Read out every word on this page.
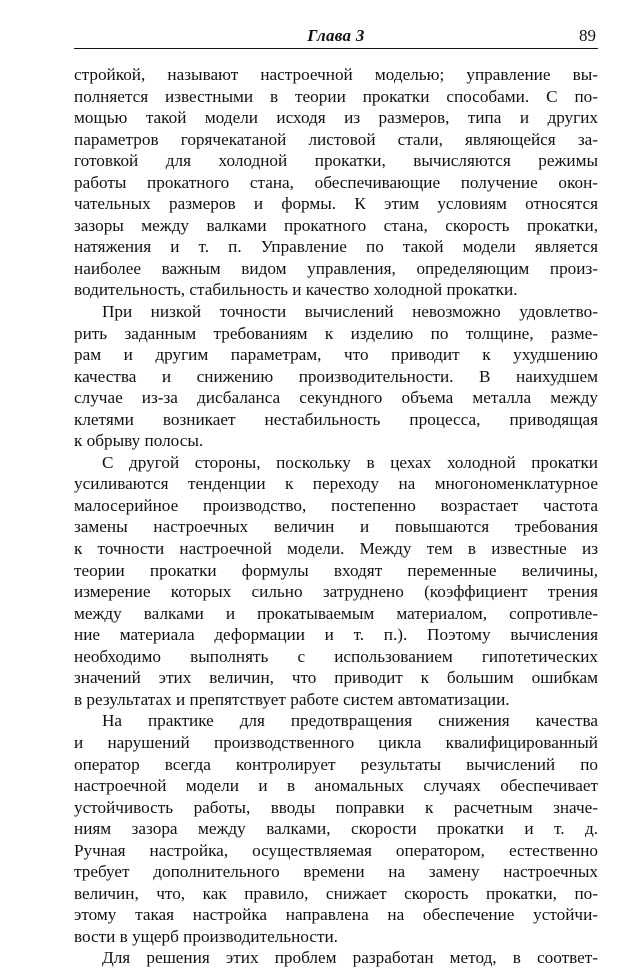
Глава 3	89
стройкой, называют настроечной моделью; управление вы-
полняется известными в теории прокатки способами. С по-
мощью такой модели исходя из размеров, типа и других
параметров горячекатаной листовой стали, являющейся за-
готовкой для холодной прокатки, вычисляются режимы
работы прокатного стана, обеспечивающие получение окон-
чательных размеров и формы. К этим условиям относятся
зазоры между валками прокатного стана, скорость прокатки,
натяжения и т. п. Управление по такой модели является
наиболее важным видом управления, определяющим произ-
водительность, стабильность и качество холодной прокатки.
При низкой точности вычислений невозможно удовлетво-
рить заданным требованиям к изделию по толщине, разме-
рам и другим параметрам, что приводит к ухудшению
качества и снижению производительности. В наихудшем
случае из-за дисбаланса секундного объема металла между
клетями возникает нестабильность процесса, приводящая
к обрыву полосы.
С другой стороны, поскольку в цехах холодной прокатки
усиливаются тенденции к переходу на многономенклатурное
малосерийное производство, постепенно возрастает частота
замены настроечных величин и повышаются требования
к точности настроечной модели. Между тем в известные из
теории прокатки формулы входят переменные величины,
измерение которых сильно затруднено (коэффициент трения
между валками и прокатываемым материалом, сопротивле-
ние материала деформации и т. п.). Поэтому вычисления
необходимо выполнять с использованием гипотетических
значений этих величин, что приводит к большим ошибкам
в результатах и препятствует работе систем автоматизации.
На практике для предотвращения снижения качества
и нарушений производственного цикла квалифицированный
оператор всегда контролирует результаты вычислений по
настроечной модели и в аномальных случаях обеспечивает
устойчивость работы, вводы поправки к расчетным значе-
ниям зазора между валками, скорости прокатки и т. д.
Ручная настройка, осуществляемая оператором, естественно
требует дополнительного времени на замену настроечных
величин, что, как правило, снижает скорость прокатки, по-
этому такая настройка направлена на обеспечение устойчи-
вости в ущерб производительности.
Для решения этих проблем разработан метод, в соответ-
